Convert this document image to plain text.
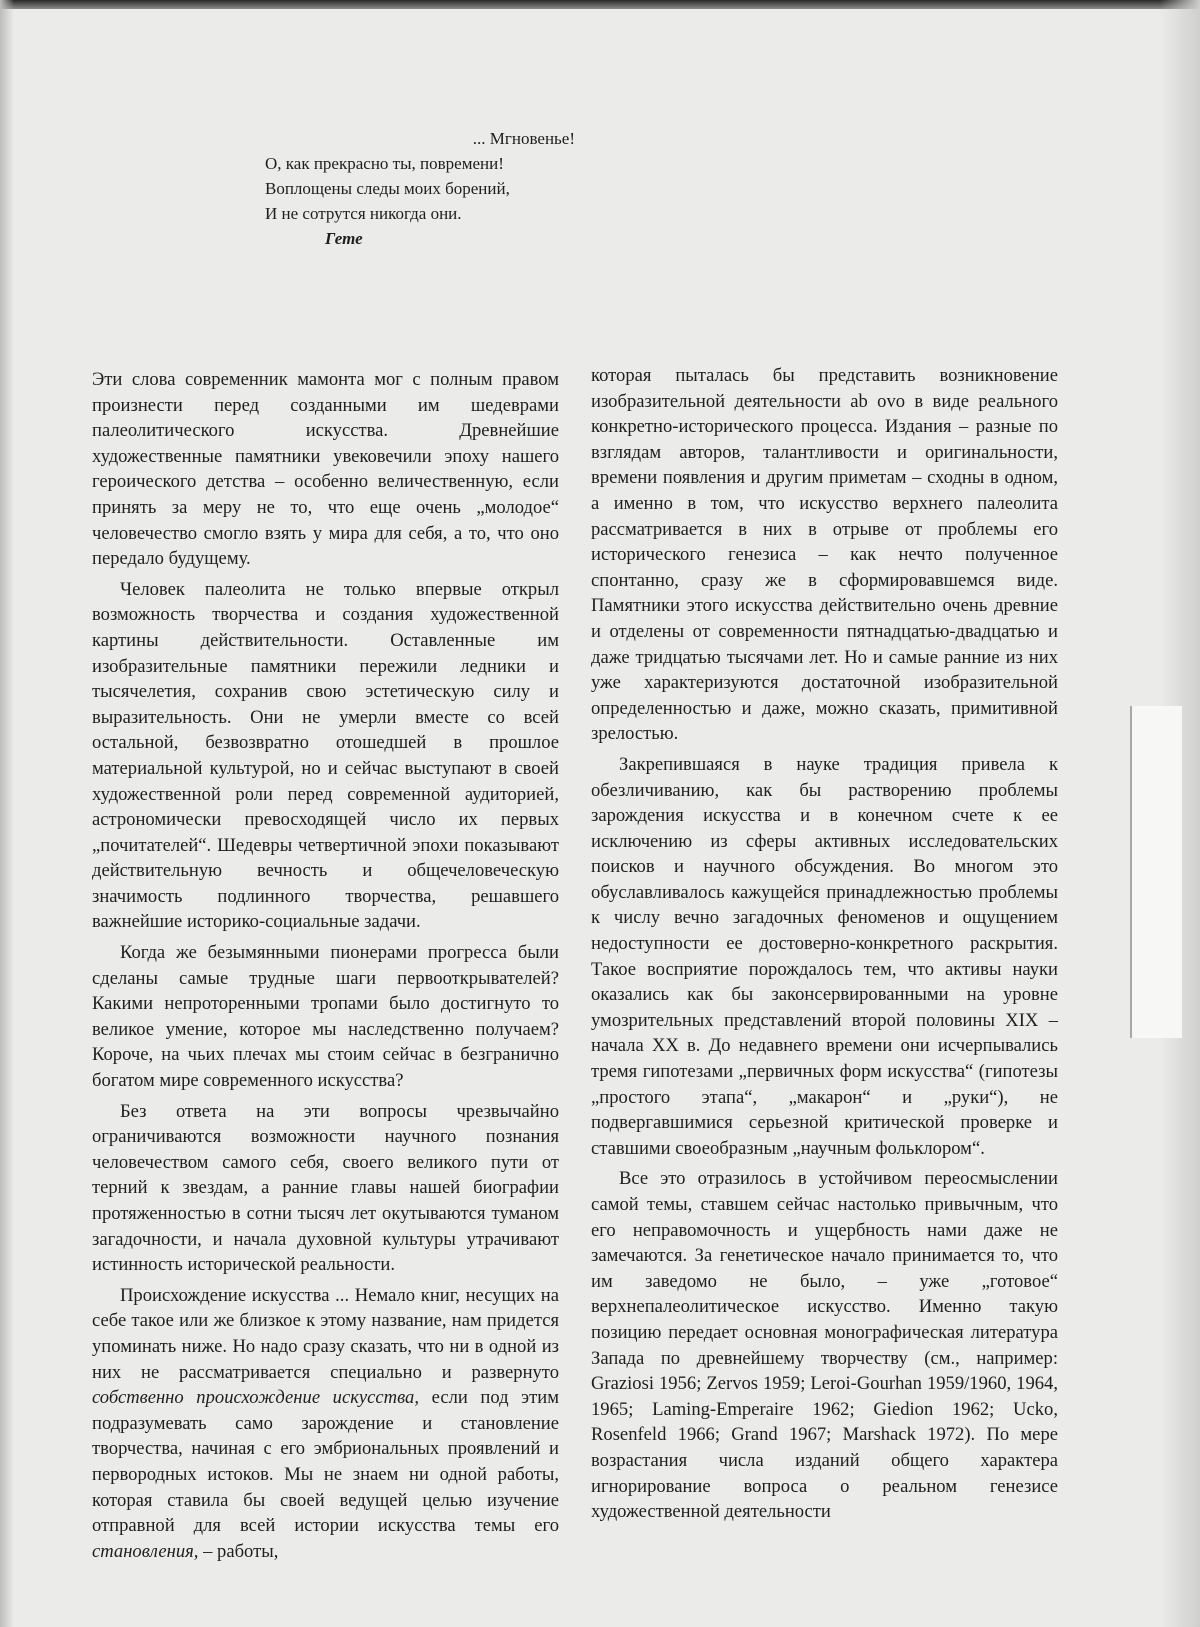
... Мгновенье!
О, как прекрасно ты, повремени!
Воплощены следы моих борений,
И не сотрутся никогда они.
Гете

Эти слова современник мамонта мог с полным правом произнести перед созданными им шедеврами палеолитического искусства. Древнейшие художественные памятники увековечили эпоху нашего героического детства – особенно величественную, если принять за меру не то, что еще очень „молодое“ человечество смогло взять у мира для себя, а то, что оно передало будущему.

Человек палеолита не только впервые открыл возможность творчества и создания художественной картины действительности. Оставленные им изобразительные памятники пережили ледники и тысячелетия, сохранив свою эстетическую силу и выразительность. Они не умерли вместе со всей остальной, безвозвратно отошедшей в прошлое материальной культурой, но и сейчас выступают в своей художественной роли перед современной аудиторией, астрономически превосходящей число их первых „почитателей“. Шедевры четвертичной эпохи показывают действительную вечность и общечеловеческую значимость подлинного творчества, решавшего важнейшие историко-социальные задачи.

Когда же безымянными пионерами прогресса были сделаны самые трудные шаги первооткрывателей? Какими непроторенными тропами было достигнуто то великое умение, которое мы наследственно получаем? Короче, на чьих плечах мы стоим сейчас в безгранично богатом мире современного искусства?

Без ответа на эти вопросы чрезвычайно ограничиваются возможности научного познания человечеством самого себя, своего великого пути от терний к звездам, а ранние главы нашей биографии протяженностью в сотни тысяч лет окутываются туманом загадочности, и начала духовной культуры утрачивают истинность исторической реальности.

Происхождение искусства ... Немало книг, несущих на себе такое или же близкое к этому название, нам придется упоминать ниже. Но надо сразу сказать, что ни в одной из них не рассматривается специально и развернуто собственно происхождение искусства, если под этим подразумевать само зарождение и становление творчества, начиная с его эмбриональных проявлений и первородных истоков. Мы не знаем ни одной работы, которая ставила бы своей ведущей целью изучение отправной для всей истории искусства темы его становления, – работы,

которая пыталась бы представить возникновение изобразительной деятельности ab ovo в виде реального конкретно-исторического процесса. Издания – разные по взглядам авторов, талантливости и оригинальности, времени появления и другим приметам – сходны в одном, а именно в том, что искусство верхнего палеолита рассматривается в них в отрыве от проблемы его исторического генезиса – как нечто полученное спонтанно, сразу же в сформировавшемся виде. Памятники этого искусства действительно очень древние и отделены от современности пятнадцатью-двадцатью и даже тридцатью тысячами лет. Но и самые ранние из них уже характеризуются достаточной изобразительной определенностью и даже, можно сказать, примитивной зрелостью.

Закрепившаяся в науке традиция привела к обезличиванию, как бы растворению проблемы зарождения искусства и в конечном счете к ее исключению из сферы активных исследовательских поисков и научного обсуждения. Во многом это обуславливалось кажущейся принадлежностью проблемы к числу вечно загадочных феноменов и ощущением недоступности ее достоверно-конкретного раскрытия. Такое восприятие порождалось тем, что активы науки оказались как бы законсервированными на уровне умозрительных представлений второй половины XIX – начала XX в. До недавнего времени они исчерпывались тремя гипотезами „первичных форм искусства“ (гипотезы „простого этапа“, „макарон“ и „руки“), не подвергавшимися серьезной критической проверке и ставшими своеобразным „научным фольклором“.

Все это отразилось в устойчивом переосмыслении самой темы, ставшем сейчас настолько привычным, что его неправомочность и ущербность нами даже не замечаются. За генетическое начало принимается то, что им заведомо не было, – уже „готовое“ верхнепалеолитическое искусство. Именно такую позицию передает основная монографическая литература Запада по древнейшему творчеству (см., например: Graziosi 1956; Zervos 1959; Leroi-Gourhan 1959/1960, 1964, 1965; Laming-Emperaire 1962; Giedion 1962; Ucko, Rosenfeld 1966; Grand 1967; Marshack 1972). По мере возрастания числа изданий общего характера игнорирование вопроса о реальном генезисе художественной деятельности
